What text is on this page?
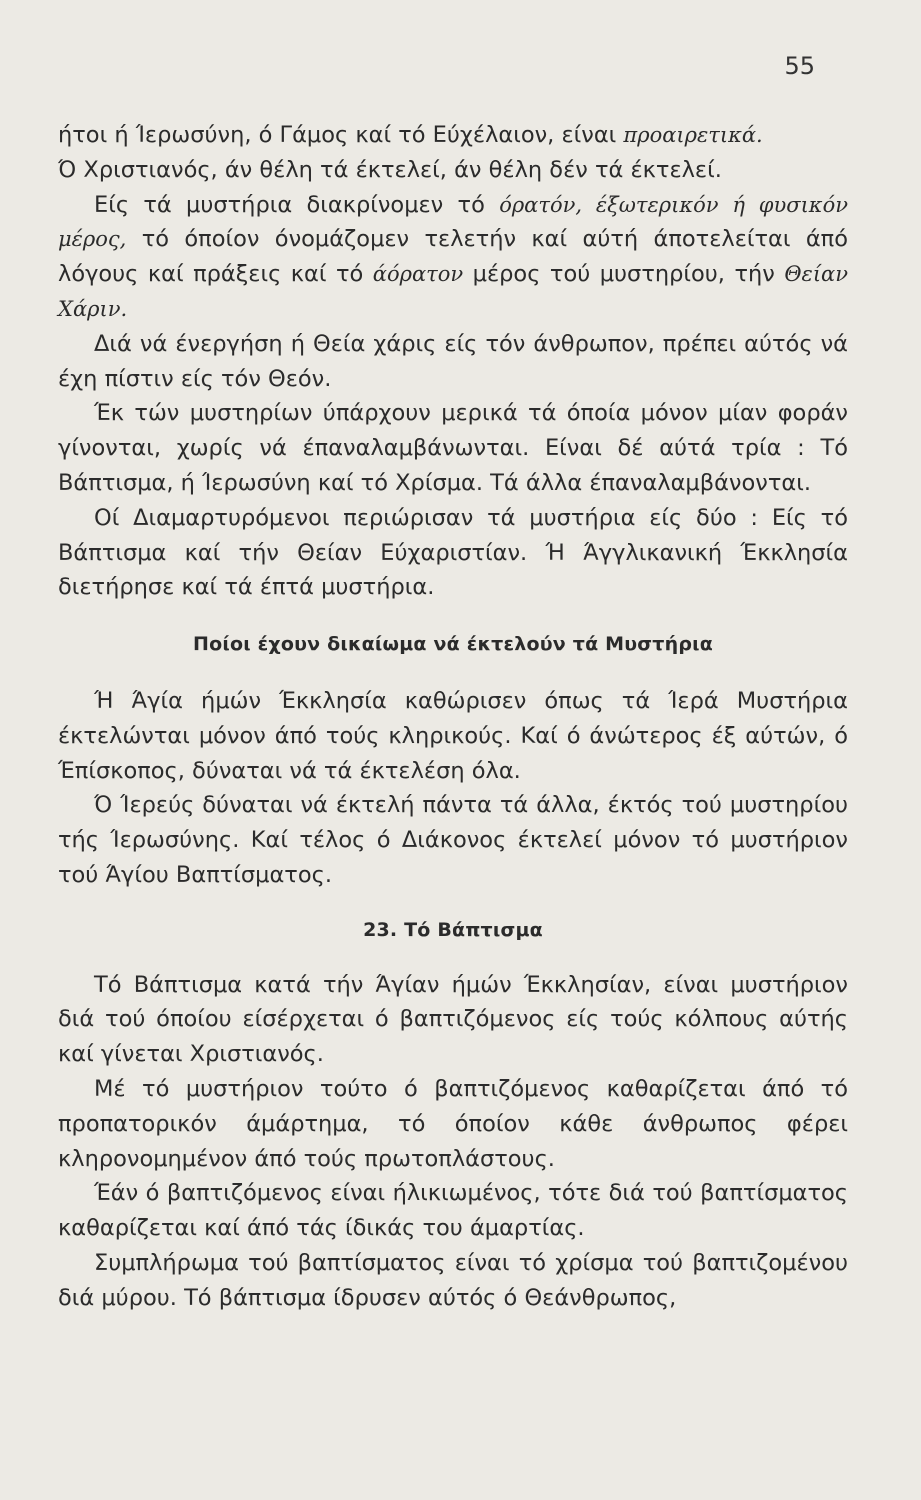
55

ήτοι ή Ίερωσύνη, ό Γάμος καί τό Εύχέλαιον, είναι προαιρετικά.

Ό Χριστιανός, άν θέλη τά έκτελεί, άν θέλη δέν τά έκτελεί.

Είς τά μυστήρια διακρίνομεν τό όρατόν, έξωτερικόν ή φυσικόν μέρος, τό όποίον όνομάζομεν τελετήν καί αύτή άποτελείται άπό λόγους καί πράξεις καί τό άόρατον μέρος τού μυστηρίου, τήν Θείαν Χάριν.

Διά νά ένεργήση ή Θεία χάρις είς τόν άνθρωπον, πρέπει αύτός νά έχη πίστιν είς τόν Θεόν.

Έκ τών μυστηρίων ύπάρχουν μερικά τά όποία μόνον μίαν φοράν γίνονται, χωρίς νά έπαναλαμβάνωνται. Είναι δέ αύτά τρία : Τό Βάπτισμα, ή Ίερωσύνη καί τό Χρίσμα. Τά άλλα έπαναλαμβάνονται.

Οί Διαμαρτυρόμενοι περιώρισαν τά μυστήρια είς δύο : Είς τό Βάπτισμα καί τήν Θείαν Εύχαριστίαν. Ή Άγγλικανική Έκκλησία διετήρησε καί τά έπτά μυστήρια.

Ποίοι έχουν δικαίωμα νά έκτελούν τά Μυστήρια

Ή Άγία ήμών Έκκλησία καθώρισεν όπως τά Ίερά Μυστήρια έκτελώνται μόνον άπό τούς κληρικούς. Καί ό άνώτερος έξ αύτών, ό Έπίσκοπος, δύναται νά τά έκτελέση όλα.

Ό Ίερεύς δύναται νά έκτελή πάντα τά άλλα, έκτός τού μυστηρίου τής Ίερωσύνης. Καί τέλος ό Διάκονος έκτελεί μόνον τό μυστήριον τού Άγίου Βαπτίσματος.

23. Τό Βάπτισμα

Τό Βάπτισμα κατά τήν Άγίαν ήμών Έκκλησίαν, είναι μυστήριον διά τού όποίου είσέρχεται ό βαπτιζόμενος είς τούς κόλπους αύτής καί γίνεται Χριστιανός.

Μέ τό μυστήριον τούτο ό βαπτιζόμενος καθαρίζεται άπό τό προπατορικόν άμάρτημα, τό όποίον κάθε άνθρωπος φέρει κληρονομημένον άπό τούς πρωτοπλάστους.

Έάν ό βαπτιζόμενος είναι ήλικιωμένος, τότε διά τού βαπτίσματος καθαρίζεται καί άπό τάς ίδικάς του άμαρτίας.

Συμπλήρωμα τού βαπτίσματος είναι τό χρίσμα τού βαπτιζομένου διά μύρου. Τό βάπτισμα ίδρυσεν αύτός ό Θεάνθρωπος,
